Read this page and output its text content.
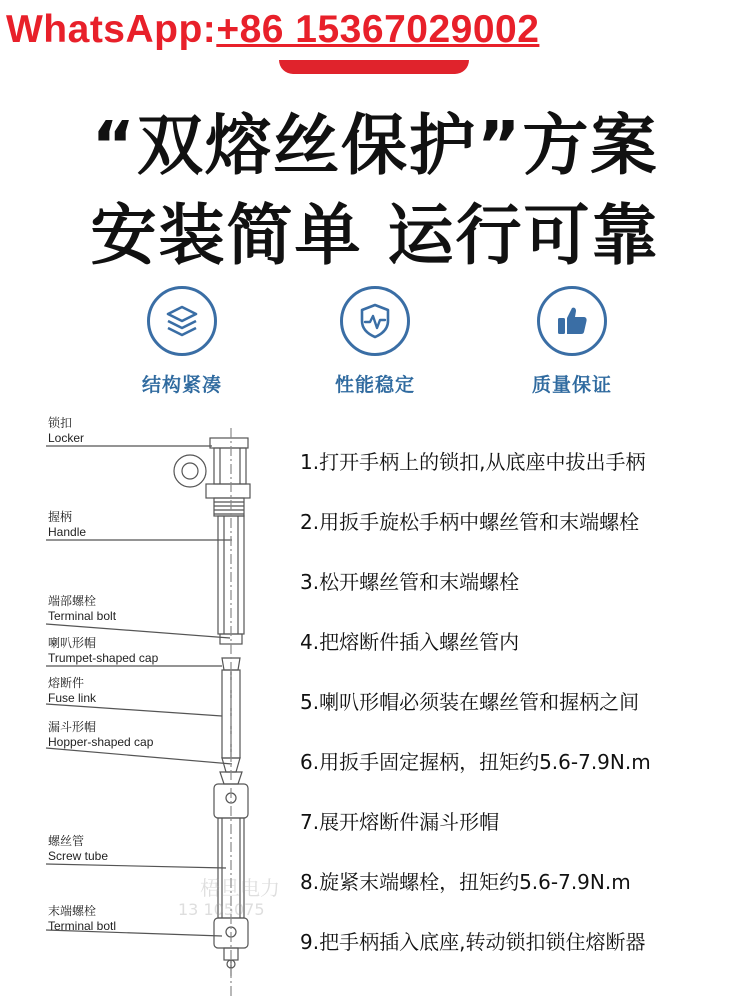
WhatsApp:+86 15367029002
“双熔丝保护”方案
安装简单 运行可靠
结构紧凑	性能稳定	质量保证
锁扣
Locker
握柄
Handle
端部螺栓
Terminal bolt
喇叭形帽
Trumpet-shaped cap
熔断件
Fuse link
漏斗形帽
Hopper-shaped cap
螺丝管
Screw tube
末端螺栓
Terminal botl
1.打开手柄上的锁扣,从底座中拔出手柄
2.用扳手旋松手柄中螺丝管和末端螺栓
3.松开螺丝管和末端螺栓
4.把熔断件插入螺丝管内
5.喇叭形帽必须装在螺丝管和握柄之间
6.用扳手固定握柄，扭矩约5.6-7.9N.m
7.展开熔断件漏斗形帽
8.旋紧末端螺栓，扭矩约5.6-7.9N.m
9.把手柄插入底座,转动锁扣锁住熔断器
梧旦电力
13 105075
